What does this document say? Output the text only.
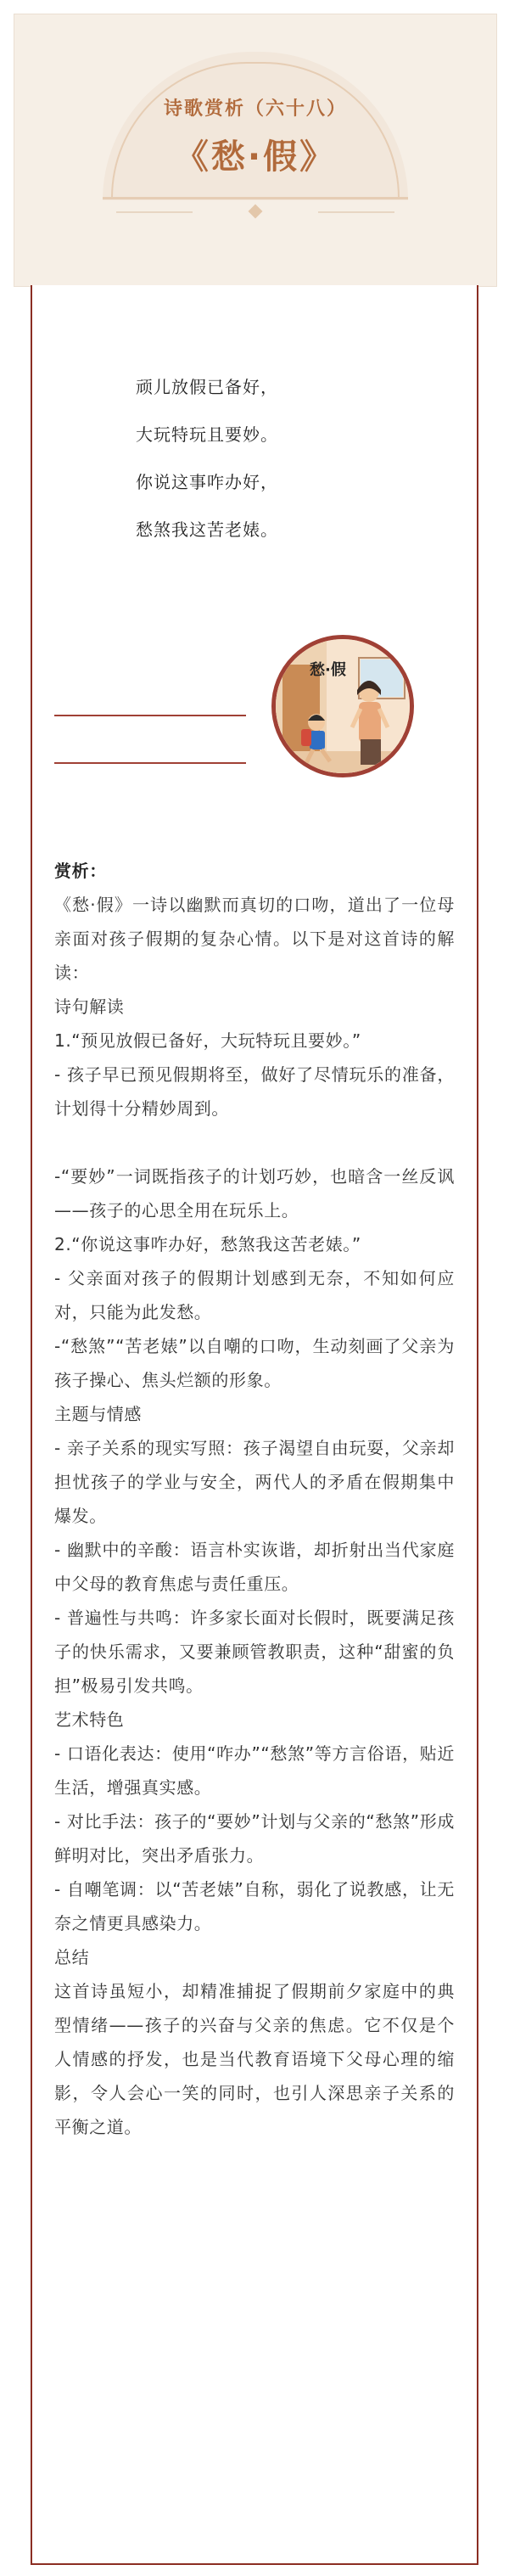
诗歌赏析（六十八）
《愁·假》
顽儿放假已备好，
大玩特玩且要妙。
你说这事咋办好，
愁煞我这苦老婊。
愁·假

赏析：

《愁·假》一诗以幽默而真切的口吻，道出了一位母亲面对孩子假期的复杂心情。以下是对这首诗的解读：

诗句解读

1.“预见放假已备好，大玩特玩且要妙。”

- 孩子早已预见假期将至，做好了尽情玩乐的准备，计划得十分精妙周到。

-“要妙”一词既指孩子的计划巧妙，也暗含一丝反讽——孩子的心思全用在玩乐上。

2.“你说这事咋办好，愁煞我这苦老婊。”

- 父亲面对孩子的假期计划感到无奈，不知如何应对，只能为此发愁。

-“愁煞”“苦老婊”以自嘲的口吻，生动刻画了父亲为孩子操心、焦头烂额的形象。

主题与情感

- 亲子关系的现实写照：孩子渴望自由玩耍，父亲却担忧孩子的学业与安全，两代人的矛盾在假期集中爆发。

- 幽默中的辛酸：语言朴实诙谐，却折射出当代家庭中父母的教育焦虑与责任重压。

- 普遍性与共鸣：许多家长面对长假时，既要满足孩子的快乐需求，又要兼顾管教职责，这种“甜蜜的负担”极易引发共鸣。

艺术特色

- 口语化表达：使用“咋办”“愁煞”等方言俗语，贴近生活，增强真实感。

- 对比手法：孩子的“要妙”计划与父亲的“愁煞”形成鲜明对比，突出矛盾张力。

- 自嘲笔调：以“苦老婊”自称，弱化了说教感，让无奈之情更具感染力。

总结

这首诗虽短小，却精准捕捉了假期前夕家庭中的典型情绪——孩子的兴奋与父亲的焦虑。它不仅是个人情感的抒发，也是当代教育语境下父母心理的缩影，令人会心一笑的同时，也引人深思亲子关系的平衡之道。
